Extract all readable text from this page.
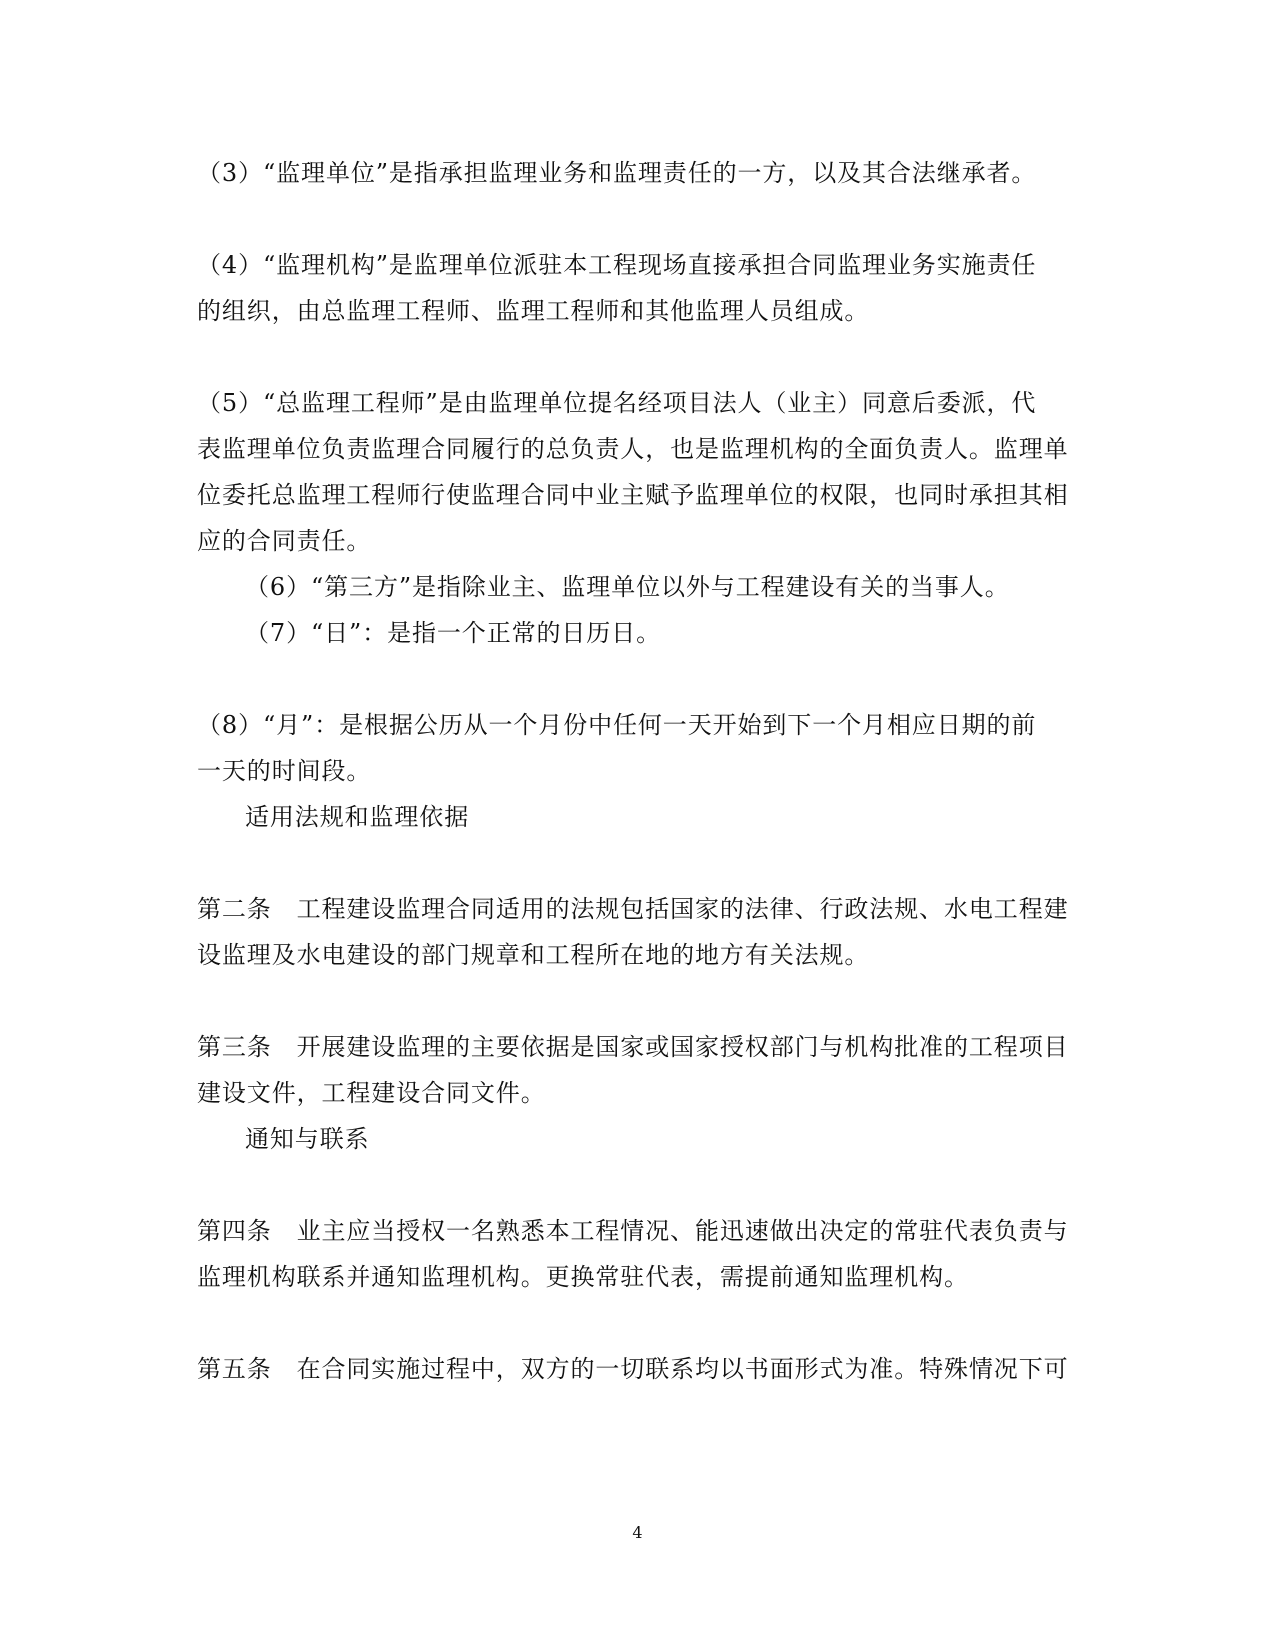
（3）“监理单位”是指承担监理业务和监理责任的一方，以及其合法继承者。
（4）“监理机构”是监理单位派驻本工程现场直接承担合同监理业务实施责任
的组织，由总监理工程师、监理工程师和其他监理人员组成。
（5）“总监理工程师”是由监理单位提名经项目法人（业主）同意后委派，代
表监理单位负责监理合同履行的总负责人，也是监理机构的全面负责人。监理单
位委托总监理工程师行使监理合同中业主赋予监理单位的权限，也同时承担其相
应的合同责任。
（6）“第三方”是指除业主、监理单位以外与工程建设有关的当事人。
（7）“日”：是指一个正常的日历日。
（8）“月”：是根据公历从一个月份中任何一天开始到下一个月相应日期的前
一天的时间段。
适用法规和监理依据
第二条　工程建设监理合同适用的法规包括国家的法律、行政法规、水电工程建
设监理及水电建设的部门规章和工程所在地的地方有关法规。
第三条　开展建设监理的主要依据是国家或国家授权部门与机构批准的工程项目
建设文件，工程建设合同文件。
通知与联系
第四条　业主应当授权一名熟悉本工程情况、能迅速做出决定的常驻代表负责与
监理机构联系并通知监理机构。更换常驻代表，需提前通知监理机构。
第五条　在合同实施过程中，双方的一切联系均以书面形式为准。特殊情况下可
4
